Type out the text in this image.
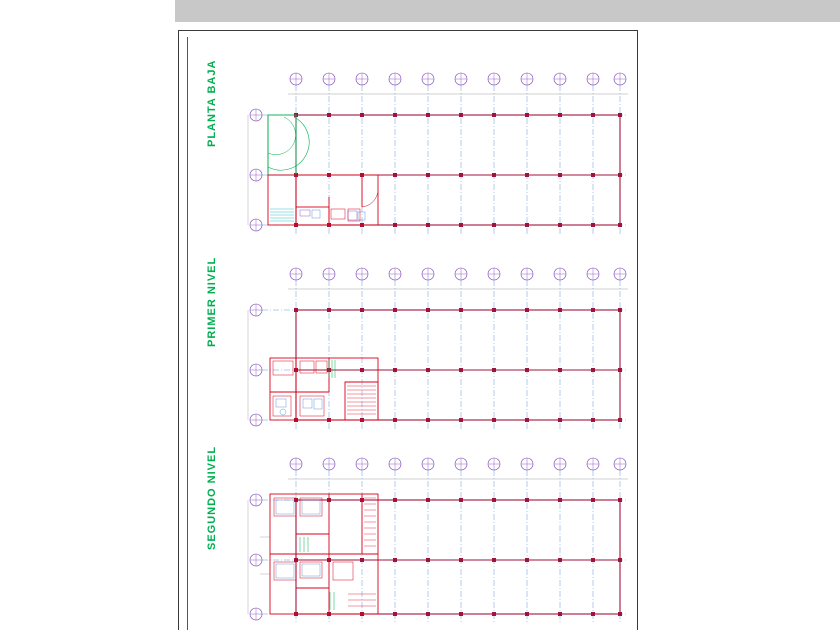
PLANTA BAJA
PRIMER NIVEL
SEGUNDO NIVEL
